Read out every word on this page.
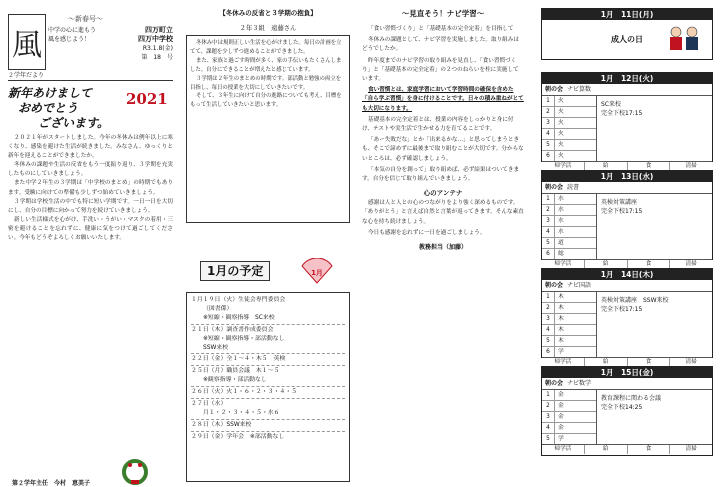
風
～新春号～
中学の心に進もう	四万町立
風を感じよう！	四万中学校
R3.1.8(金)
第　18　号
２学年だより
新年あけまして
おめでとう
ございます。
2021

２０２１年がスタートしました。今年の冬休みは例年以上に寒くなり、感染を避けた生活が続きました。みなさん、ゆっくりと新年を迎えることができましたか。

冬休みの課題や生活の反省をもう一度振り返り、３学期を充実したものにしていきましょう。

また中学２年生の３学期は「中学校のまとめ」の時期でもあります。受験に向けての準備も少しずつ始めていきましょう。

３学期は学校生活の中でも特に短い学期です。一日一日を大切にし、自分の目標に向かって努力を続けていきましょう。

新しい生活様式を心がけ、手洗い・うがい・マスクの着用・三密を避けることを忘れずに、健康に気をつけて過ごしてください。今年もどうぞよろしくお願いいたします。

第２学年主任　今村　恵美子
【冬休みの反省と３学期の抱負】
２年３組　遠藤さん

冬休み中は規則正しい生活を心がけました。毎日の計画を立てて、課題を少しずつ進めることができました。

また、家族と過ごす時間が多く、家の手伝いもたくさんしました。自分にできることが増えたと感じています。

３学期は２年生のまとめの時期です。部活動と勉強の両立を目指し、毎日の授業を大切にしていきたいです。

そして、３年生に向けて自分の進路についても考え、目標をもって生活していきたいと思います。

1月の予定	1月

１月１９日（火）生徒会専門委員会

（図書係）

※短縮・観察指導　SC来校

２１日（木）調査書作成委員会

※短縮・観察指導・部活動なし

SSW来校

２２日（金）全１～４・木５　英検

２５日（月）職員会議　木１～５

※観察指導・部活動なし

２６日（火）火１・６・２・３・４・５

２７日（水）

月１・２・３・４・５・水６

２８日（木）SSW来校

２９日（金）学年会　※部活動なし

～見直そう！ナビ学習～

「食い習慣づくり」と「基礎基本の完全定着」を目指して

冬休みの課題として、ナビ学習を実施しました。取り組みはどうでしたか。

昨年度までのナビ学習の取り組みを見直し、「食い習慣づくり」と「基礎基本の完全定着」の２つのねらいを柱に実施しています。

食い習慣とは、家庭学習において学習時間の確保を含めた「自ら学ぶ習慣」を身に付けることです。日々の積み重ねがとても大切になります。

基礎基本の完全定着とは、授業の内容をしっかりと身に付け、テストや実生活で生かせる力を育てることです。

「あー失敗だな」とか「出来るかな…」と思ってしまうときも、そこで諦めずに最後まで取り組むことが大切です。分からないところは、必ず確認しましょう。

「本気の自分を創って」取り組めば、必ず結果はついてきます。自分を信じて取り組んでいきましょう。

心のアンテナ

感謝は人と人との心のつながりをより強く深めるものです。「ありがとう」と言えば自然と言葉が返ってきます。そんな素直な心を持ち続けましょう。

今日も感謝を忘れずに一日を過ごしましょう。

教務担当（加藤）
1月　11日(月)
成人の日
1月　12日(火)
朝の会 ナビ算数
1	火
2	火
3	火
4	火
5	火
6	火
SC来校
完全下校17:15
帰学活	給	食	清掃
1月　13日(水)
朝の会 読書
1	水
2	水
3	水
4	水
5	道
6	総
英検対策講座
完全下校17:15
帰学活	給	食	清掃
1月　14日(木)
朝の会 ナビ国語
1	木
2	木
3	木
4	木
5	木
6	学
英検対策講座　SSW来校
完全下校17:15
帰学活	給	食	清掃
1月　15日(金)
朝の会 ナビ数学
1	金
2	金
3	金
4	金
5	学
教育課程に関わる会議
完全下校14:25
帰学活	給	食	清掃
